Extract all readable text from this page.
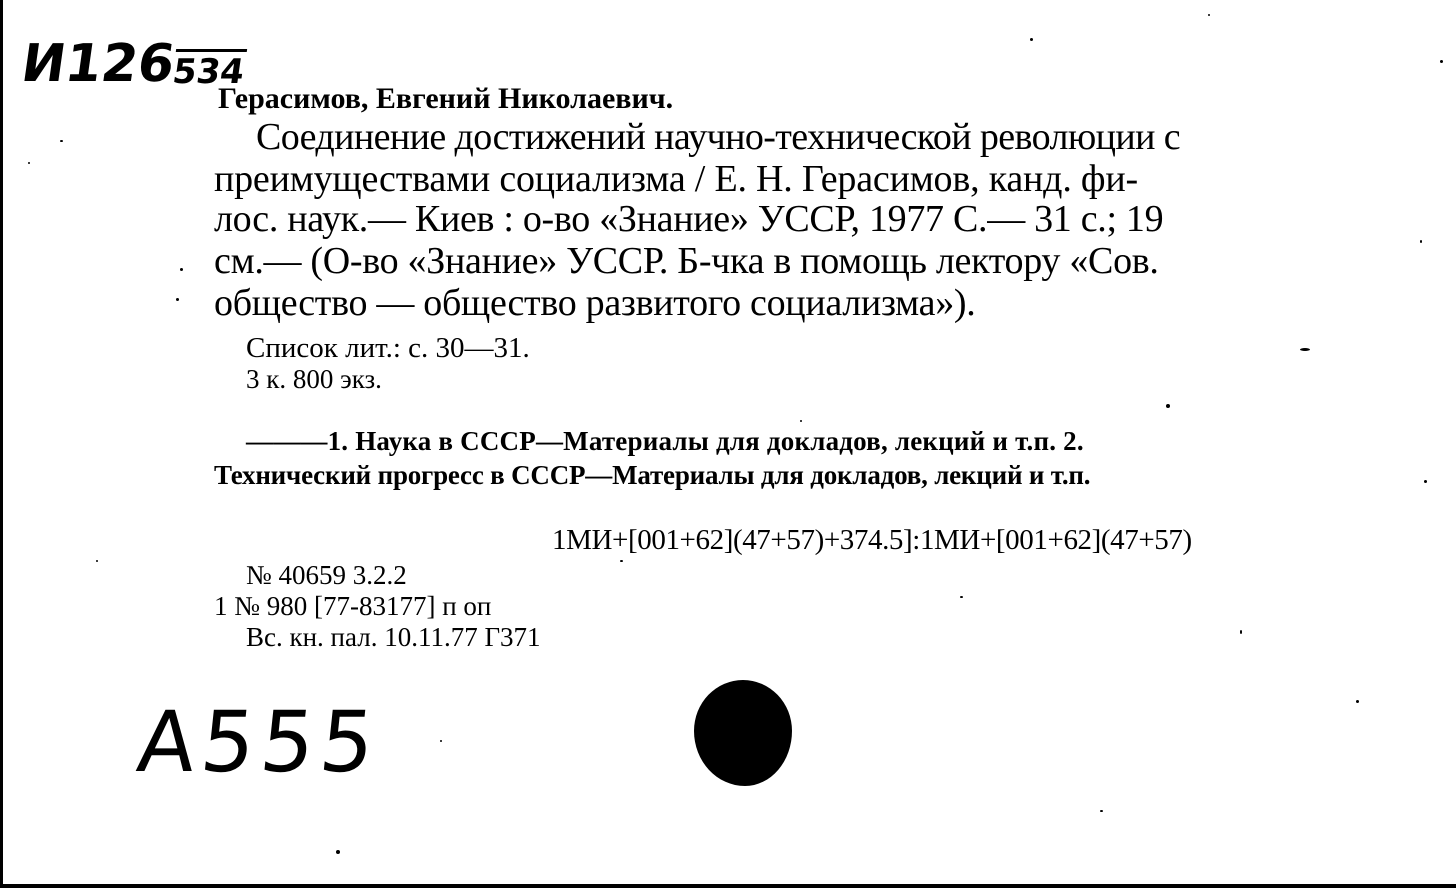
И126534
Герасимов, Евгений Николаевич.
Соединение достижений научно-технической революции с
преимуществами социализма / Е. Н. Герасимов, канд. фи-
лос. наук.— Киев : о-во «Знание» УССР, 1977 С.— 31 с.; 19
см.— (О-во «Знание» УССР. Б-чка в помощь лектору «Сов.
общество — общество развитого социализма»).
Список лит.: с. 30—31.
3 к. 800 экз.
———1. Наука в СССР—Материалы для докладов, лекций и т.п. 2.
Технический прогресс в СССР—Материалы для докладов, лекций и т.п.
1МИ+[001+62](47+57)+374.5]:1МИ+[001+62](47+57)
№ 40659 3.2.2
1 № 980 [77-83177] п оп
Вс. кн. пал. 10.11.77 Г371
А555
